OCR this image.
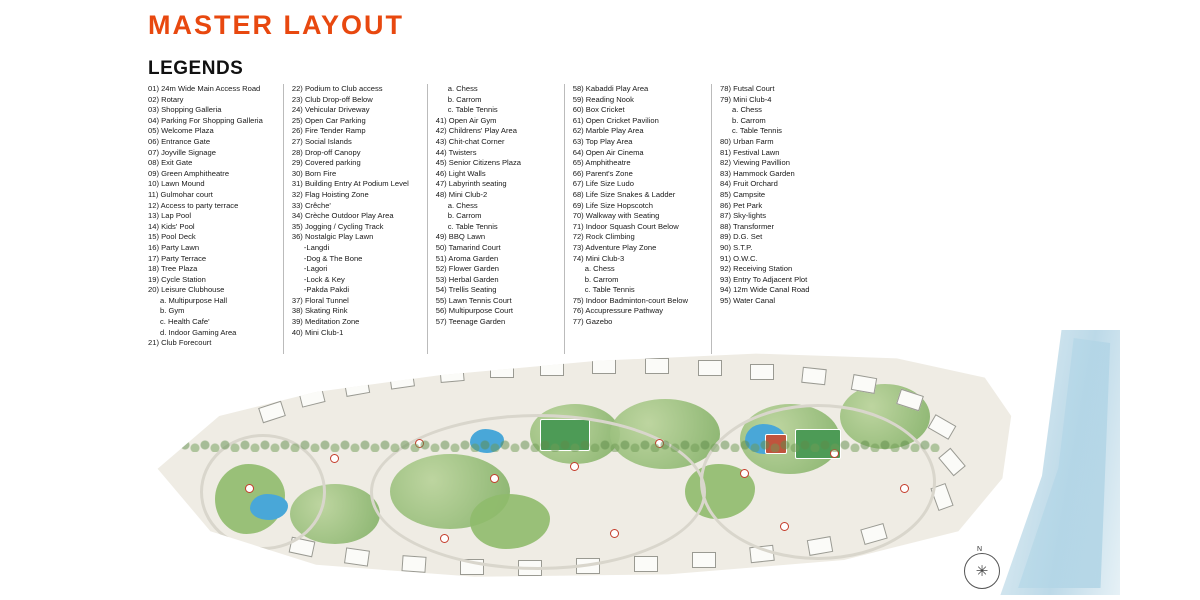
MASTER LAYOUT
LEGENDS
01) 24m Wide Main Access Road
02) Rotary
03) Shopping Galleria
04) Parking For Shopping Galleria
05) Welcome Plaza
06) Entrance Gate
07) Joyville Signage
08) Exit Gate
09) Green Amphitheatre
10) Lawn Mound
11) Gulmohar court
12) Access to party terrace
13) Lap Pool
14) Kids' Pool
15) Pool Deck
16) Party Lawn
17) Party Terrace
18) Tree Plaza
19) Cycle Station
20) Leisure Clubhouse
a. Multipurpose Hall
b. Gym
c. Health Cafe'
d. Indoor Gaming Area
21) Club Forecourt
22) Podium to Club access
23) Club Drop-off Below
24) Vehicular Driveway
25) Open Car Parking
26) Fire Tender Ramp
27) Social Islands
28) Drop-off Canopy
29) Covered parking
30) Born Fire
31) Building Entry At Podium Level
32) Flag Hoisting Zone
33) Crêche'
34) Crèche Outdoor Play Area
35) Jogging / Cycling Track
36) Nostalgic Play Lawn
-Langdi
-Dog & The Bone
-Lagori
-Lock & Key
-Pakda Pakdi
37) Floral Tunnel
38) Skating Rink
39) Meditation Zone
40) Mini Club-1
a. Chess
b. Carrom
c. Table Tennis
41) Open Air Gym
42) Childrens' Play Area
43) Chit-chat Corner
44) Twisters
45) Senior Citizens Plaza
46) Light Walls
47) Labyrinth seating
48) Mini Club-2
a. Chess
b. Carrom
c. Table Tennis
49) BBQ Lawn
50) Tamarind Court
51) Aroma Garden
52) Flower Garden
53) Herbal Garden
54) Trellis Seating
55) Lawn Tennis Court
56) Multipurpose Court
57) Teenage Garden
58) Kabaddi Play Area
59) Reading Nook
60) Box Cricket
61) Open Cricket Pavilion
62) Marble Play Area
63) Top Play Area
64) Open Air Cinema
65) Amphitheatre
66) Parent's Zone
67) Life Size Ludo
68) Life Size Snakes & Ladder
69) Life Size Hopscotch
70) Walkway with Seating
71) Indoor Squash Court Below
72) Rock Climbing
73) Adventure Play Zone
74) Mini Club-3
a. Chess
b. Carrom
c. Table Tennis
75) Indoor Badminton-court Below
76) Accupressure Pathway
77) Gazebo
78) Futsal Court
79) Mini Club-4
a. Chess
b. Carrom
c. Table Tennis
80) Urban Farm
81) Festival Lawn
82) Viewing Pavillion
83) Hammock Garden
84) Fruit Orchard
85) Campsite
86) Pet Park
87) Sky-lights
88) Transformer
89) D.G. Set
90) S.T.P.
91) O.W.C.
92) Receiving Station
93) Entry To Adjacent Plot
94) 12m Wide Canal Road
95) Water Canal
N
✳
